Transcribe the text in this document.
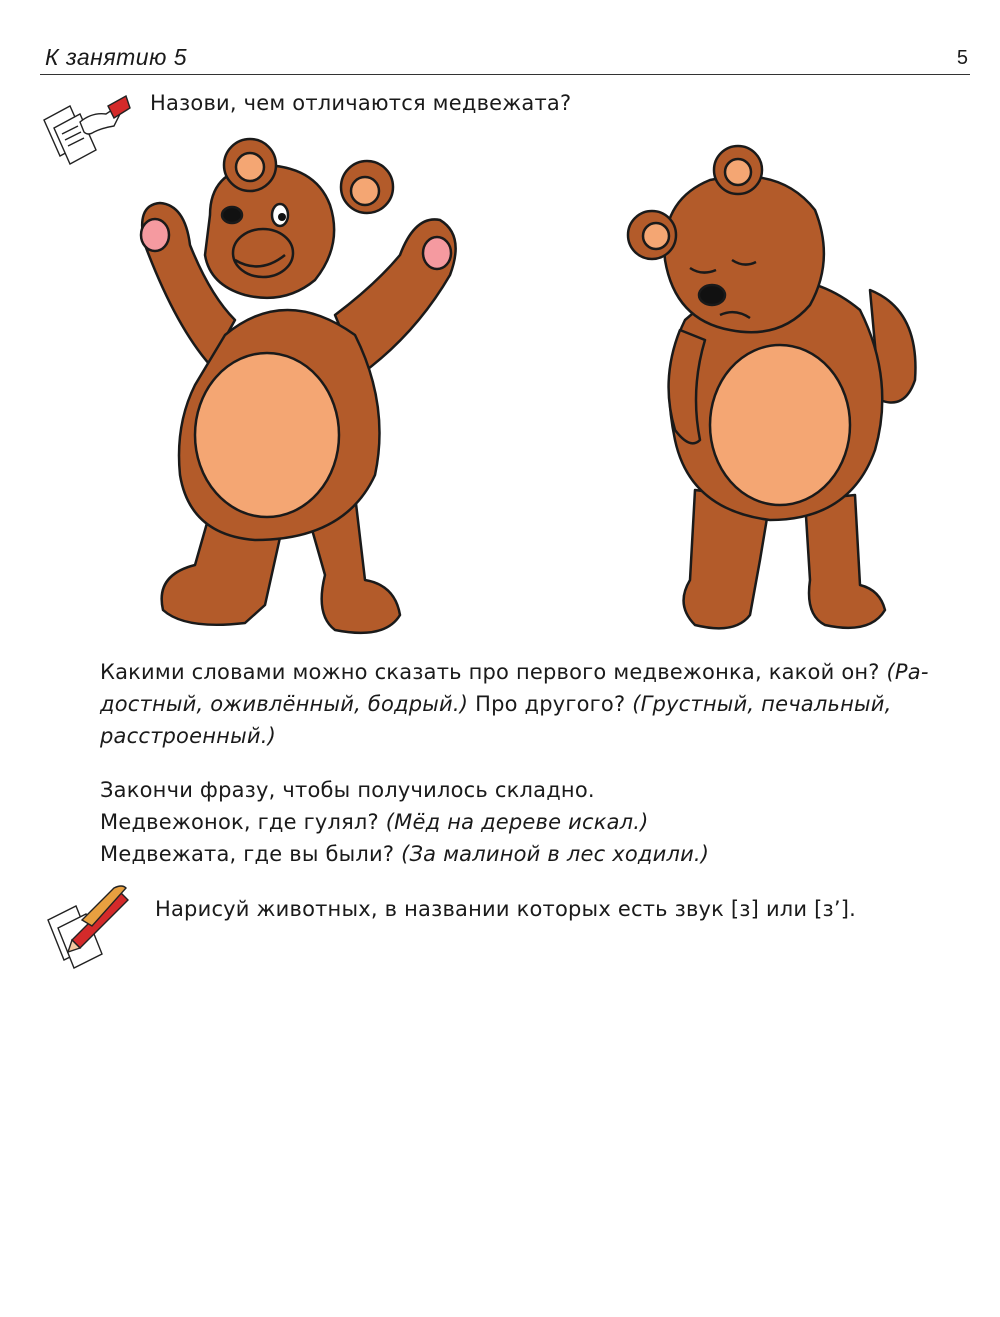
К занятию 5	5
Назови, чем отличаются медвежата?
Какими словами можно сказать про первого медвежонка, какой он? (Ра-
достный, оживлённый, бодрый.) Про другого? (Грустный, печальный,
расстроенный.)
Закончи фразу, чтобы получилось складно.
Медвежонок, где гулял? (Мёд на дереве искал.)
Медвежата, где вы были? (За малиной в лес ходили.)
Нарисуй животных, в названии которых есть звук [з] или [з’].
